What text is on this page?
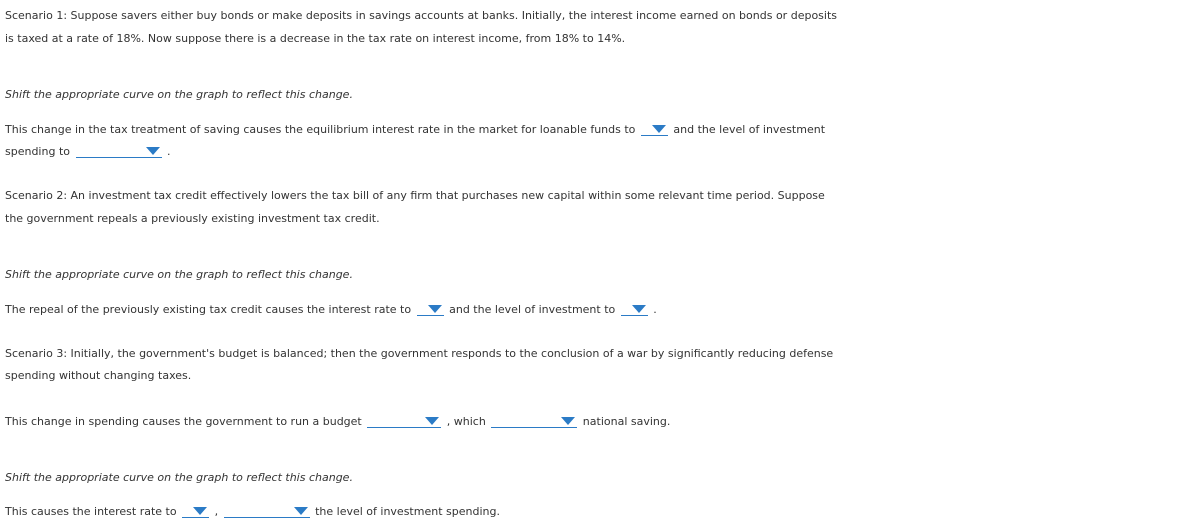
Scenario 1: Suppose savers either buy bonds or make deposits in savings accounts at banks. Initially, the interest income earned on bonds or deposits
is taxed at a rate of 18%. Now suppose there is a decrease in the tax rate on interest income, from 18% to 14%.
Shift the appropriate curve on the graph to reflect this change.
This change in the tax treatment of saving causes the equilibrium interest rate in the market for loanable funds to	and the level of investment
spending to	.
Scenario 2: An investment tax credit effectively lowers the tax bill of any firm that purchases new capital within some relevant time period. Suppose
the government repeals a previously existing investment tax credit.
Shift the appropriate curve on the graph to reflect this change.
The repeal of the previously existing tax credit causes the interest rate to	and the level of investment to	.
Scenario 3: Initially, the government's budget is balanced; then the government responds to the conclusion of a war by significantly reducing defense
spending without changing taxes.
This change in spending causes the government to run a budget	, which	national saving.
Shift the appropriate curve on the graph to reflect this change.
This causes the interest rate to	,	the level of investment spending.
